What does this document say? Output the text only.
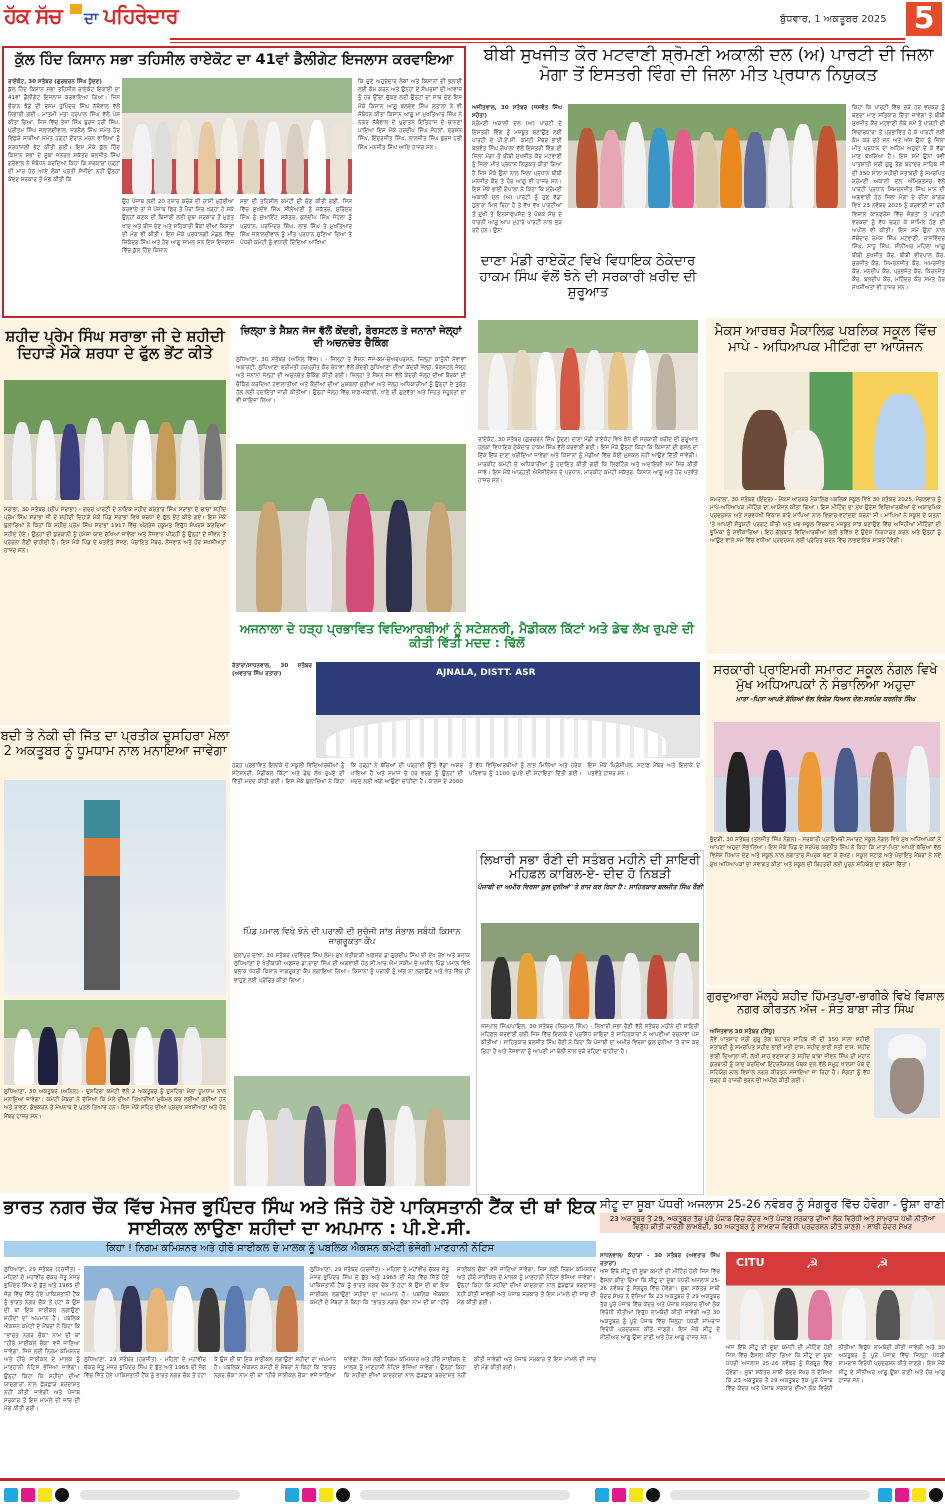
ਹੱਕ ਸੱਚ ਦਾ ਪਹਿਰੇਦਾਰ	ਬੁੱਧਵਾਰ, 1 ਅਕਤੂਬਰ 2025 5
ਕੁੱਲ ਹਿੰਦ ਕਿਸਾਨ ਸਭਾ ਤਹਿਸੀਲ ਰਾਏਕੋਟ ਦਾ 41ਵਾਂ ਡੈਲੀਗੇਟ ਇਜਲਾਸ ਕਰਵਾਇਆ
ਰਾਏਕੋਟ, 30 ਸਤੰਬਰ (ਗੁਰਚਰਨ ਸਿੰਘ ਧੂੰਦਣ)
ਕੁੱਲ ਹਿੰਦ ਕਿਸਾਨ ਸਭਾ ਤਹਿਸੀਲ ਰਾਏਕੋਟ ਇਕਾਈ ਦਾ 41ਵਾਂ ਡੈਲੀਗੇਟ ਇਜਲਾਸ ਕਰਵਾਇਆ ਗਿਆ। ਜਿਸ ਦੌਰਾਨ ਝੰਡੇ ਦੀ ਰਸਮ ਤੁਪਿੰਦਰ ਸਿੰਘ ਨੱਥੋਵਾਲ ਵੱਲੋਂ ਨਿਭਾਈ ਗਈ। ਮਾਤਮੀ ਮਤਾ ਹਰਪਾਲ ਸਿੰਘ ਵੱਲੋਂ ਪੇਸ਼ ਕੀਤਾ ਗਿਆ, ਜਿਸ ਵਿੱਚ ਤੇਜਾ ਸਿੰਘ ਬੁਰਜ ਹਰੀ ਸਿੰਘ, ਪ੍ਰੀਤਮ ਸਿੰਘ ਜਲਾਲਦੀਵਾਲ, ਜਰਨੈਲ ਸਿੰਘ ਸਮੇਤ ਹੋਰ ਵਿਛੜੇ ਸਾਥੀਆਂ ਸਮੇਤ ਹੜ੍ਹਾਂ ਦੌਰਾਨ ਮਰਨ ਵਾਲਿਆਂ ਨੂੰ ਸ਼ਰਧਾਂਜਲੀ ਭੇਟ ਕੀਤੀ ਗਈ। ਇਸ ਮੌਕੇ ਕੁੱਲ ਹਿੰਦ ਕਿਸਾਨ ਸਭਾ ਦੇ ਸੂਬਾ ਜਨਰਲ ਸਕੱਤਰ ਬਲਜੀਤ ਸਿੰਘ ਗਰੇਵਾਲ ਨੇ ਸੰਬੋਧਨ ਕਰਦਿਆਂ ਕਿਹਾ ਕਿ ਸਰਕਾਰਾਂ ਹੜ੍ਹਾਂ ਦੀ ਮਾਰ ਹੇਠ ਆਏ ਲੋਕਾਂ ਪ੍ਰਤੀ ਸੰਜੀਦਾ ਨਹੀਂ ਉਨ੍ਹਾਂ ਕੇਂਦਰ ਸਰਕਾਰ ਤੋਂ ਮੰਗ ਕੀਤੀ ਕਿ
ਉਹ ਪੰਜਾਬ ਲਈ 20 ਹਜ਼ਾਰ ਕਰੋੜ ਦੀ ਰਾਸ਼ੀ ਮੁਹੱਈਆ ਕਰਵਾਏ ਤਾਂ ਜੋ ਪੰਜਾਬ ਫਿਰ ਤੋਂ ਪੈਰਾਂ ਸਿਰ ਖੜ੍ਹਾ ਹੋ ਸਕੇ ਉਨ੍ਹਾਂ ਕਣਕ ਦੀ ਬਿਜਾਈ ਲਈ ਸੂਬਾ ਸਰਕਾਰ ਤੋਂ ਮੁਫ਼ਤ ਖਾਦ ਅਤੇ ਬੀਜ ਦੇਣ ਅਤੇ ਸਹਿਕਾਰੀ ਬੈਂਕਾਂ ਦੀਆਂ ਕਿਸ਼ਤਾਂ ਦੀ ਮੰਗ ਵੀ ਕੀਤੀ। ਇਸ ਮੌਕੇ ਪ੍ਰਧਾਨਗੀ ਮੰਡਲ ਵਿੱਚ ਸਿਕੰਦਰ ਸਿੰਘ ਅਤੇ ਹੋਰ ਆਗੂ ਸ਼ਾਮਲ ਸਨ ਇਸ ਇਜਲਾਸ ਵਿੱਚ ਕੁੱਲ ਹਿੰਦ ਕਿਸਾਨ
ਸਭਾ ਦੀ ਤਹਿਸੀਲ ਕਮੇਟੀ ਦੀ ਚੋਣ ਕੀਤੀ ਗਈ, ਜਿਸ ਵਿੱਚ ਸੁਖਦੇਵ ਸਿੰਘ ਸੀਲੋਆਣੀ ਨੂੰ ਸਕੱਤਰ, ਸੁਰਿੰਦਰ ਸਿੰਘ ਨੂੰ ਜੁਆਇੰਟ ਸਕੱਤਰ, ਕੁਲਦੀਪ ਸਿੰਘ ਜੋਹਲਾ ਨੂੰ ਪ੍ਰਧਾਨ, ਪਰਮਿੰਦਰ ਸਿੰਘ, ਲਾਭ ਸਿੰਘ ਤੇ ਮੁਖਤਿਆਰ ਸਿੰਘ ਜਲਾਲਦੀਵਾਲ ਨੂੰ ਮੀਤ ਪ੍ਰਧਾਨ ਚੁਣਿਆ ਗਿਆ ਤੇ ਪੰਧਰੀ ਕਮੇਟੀ ਨੂੰ ਵਧਾਈ ਦਿੰਦਿਆਂ ਆਖਿਆ
ਕਿ ਚੁਣੇ ਅਹੁਦੇਦਾਰ ਲੋਕਾਂ ਅਤੇ ਕਿਸਾਨਾਂ ਦੀ ਭਲਾਈ ਲਈ ਕੰਮ ਕਰਨ ਅਤੇ ਉਨ੍ਹਾਂ ਦੇ ਸੰਘਰਸ਼ਾਂ ਦੀ ਆਵਾਜ਼ ਨੂੰ ਹਰ ਉੱਚਾ ਚੁੱਕਣ ਲਈ ਉਨ੍ਹਾਂ ਦਾ ਸਾਥ ਦੇਣ ਇਸ ਮੌਕੇ ਕਿਸਾਨ ਆਗੂ ਬਲਦੇਵ ਸਿੰਘ ਲਤਾਲਾ ਨੇ ਵੀ ਸੰਬੋਧਨ ਕੀਤਾ ਕਿਸਾਨ ਆਗੂ ਮਾ.ਮੁਖਤਿਆਰ ਸਿੰਘ ਨੇ ਨਗਰ ਨੱਥੋਵਾਲ ਦੇ ਪੁਰਾਤਨ ਇਤਿਹਾਸ ਦੇ ਚਾਨਣਾ ਪਾਇਆ ਇਸ ਮੌਕੇ ਹਰਦੀਪ ਸਿੰਘ ਜੋਹਲਾਂ, ਦਰਸ਼ਨ ਸਿੰਘ, ਇੰਦਰਜੀਤ ਸਿੰਘ, ਲਾਲਜੀਤ ਸਿੰਘ ਬੁਰਜ ਹਰੀ ਸਿੰਘ ਮਨਜੀਤ ਸਿੰਘ ਆਦਿ ਹਾਜ਼ਰ ਸਨ।
ਬੀਬੀ ਸੁਖਜੀਤ ਕੌਰ ਮਟਵਾਣੀ ਸ਼੍ਰੋਮਣੀ ਅਕਾਲੀ ਦਲ (ਅ) ਪਾਰਟੀ ਦੀ ਜਿਲਾ ਮੋਗਾ ਤੋਂ ਇਸਤਰੀ ਵਿੰਗ ਦੀ ਜਿਲਾ ਮੀਤ ਪ੍ਰਧਾਨ ਨਿਯੁਕਤ
ਅਜੀਤਵਾਲ, 30 ਸਤੰਬਰ (ਜਸਵੰਤ ਸਿੰਘ ਸਹੋਤਾ)
ਸ਼੍ਰੋਮਣੀ ਅਕਾਲੀ ਦਲ (ਅ) ਪਾਰਟੀ ਦੇ ਇਸਤਰੀ ਵਿੰਗ ਨੂੰ ਮਜ਼ਬੂਤ ਬਣਾਉਣ ਲਈ ਪਾਰਟੀ ਦੇ ਪੀ.ਏ.ਸੀ. ਕਮੇਟੀ ਮੈਂਬਰ ਭਾਈ ਬਲਵੰਤ ਸਿੰਘ ਗੋਪਾਲਾ ਵੱਲੋਂ ਇਸਤਰੀ ਵਿੰਗ ਦੀ ਜਿਲਾ ਮੋਗਾ ਤੋਂ ਬੀਬੀ ਸੁਖਜੀਤ ਕੌਰ ਮਟਵਾਣੀ ਨੂੰ ਜਿਲਾ ਮੀਤ ਪ੍ਰਧਾਨ ਨਿਯੁਕਤ ਕੀਤਾ ਗਿਆ ਹੈ ਜਿਸ ਮੌਕੇ ਉਨਾ ਨਾਲ ਜਿਲਾ ਪ੍ਰਧਾਨ ਬੀਬੀ ਮਨਜੀਤ ਕੌਰ ਤੇ ਹੋਰ ਆਗੂ ਵੀ ਹਾਜ਼ਰ ਸਨ। ਇਸ ਮੌਕੇ ਭਾਈ ਗੋਪਾਲਾ ਨੇ ਕਿਹਾ ਕਿ ਸ਼੍ਰੋਮਣੀ ਅਕਾਲੀ ਦਲ (ਅ) ਪਾਰਟੀ ਨੂੰ ਹੁਣ ਵੱਡਾ ਹੁਲਾਰਾ ਮਿਲ ਰਿਹਾ ਹੈ ਤੇ ਵੱਖ ਵੱਖ ਪਾਰਟੀਆਂ ਤੋਂ ਦੁਖੀ ਤੇ ਇਨਸਾਫਪਸੰਦ ਤੇ ਪੰਥਕ ਸੋਚ ਦੇ ਧਾਰਨੀ ਆਗੂ ਆਪ ਮੁਹਾਰੇ ਪਾਰਟੀ ਨਾਲ ਜੁੜ ਰਹੇ ਹਨ। ਉਨਾ
ਕਿਹਾ ਕਿ ਪਾਰਟੀ ਵਿੱਚ ਜੁੜੇ ਹਰ ਵਰਕਰ ਨੂੰ ਬਣਦਾ ਮਾਣ ਸਤਿਕਾਰ ਦਿੱਤਾ ਜਾਵੇਗਾ ਤੇ ਬੀਬੀ ਸੁਖਜੀਤ ਕੌਰ ਮਟਵਾਣੀ ਲੰਬੇ ਸਮੇਂ ਤੋਂ ਪਾਰਟੀ ਦੀ ਵਿਚਾਰਧਾਰਾ ਤੋਂ ਪ੍ਰਭਾਵਿਤ ਹੋ ਕੇ ਪਾਰਟੀ ਲਈ ਕੰਮ ਕਰ ਰਹੇ ਸਨ ਅਤੇ ਅੱਜ ਉਨਾ ਨੂੰ ਜਿਲਾ ਮੀਤ ਪ੍ਰਧਾਨ ਦਾ ਅਹਿਮ ਅਹੁਦਾ ਦੇ ਕੇ ਵੱਡਾ ਮਾਣ ਬਖਸ਼ਿਆ ਹੈ। ਇਸ ਸਮੇਂ ਉਨਾ 9ਵੀਂ ਪਾਤਸ਼ਾਹੀ ਸ੍ਰੀ ਗੁਰੂ ਤੇਗ ਬਹਾਦਰ ਸਾਹਿਬ ਜੀ ਦੀ 350 ਸਾਲਾ ਸ਼ਹੀਦੀ ਸ਼ਤਾਬਦੀ ਨੂੰ ਸਮਰਪਿਤ ਸ਼੍ਰੋਮਣੀ ਅਕਾਲੀ ਦਲ ਅੰਮ੍ਰਿਤਸਰ ਵੱਲੋਂ ਪਾਰਟੀ ਪ੍ਰਧਾਨ ਸਿਮਰਨਜੀਤ ਸਿੰਘ ਮਾਨ ਦੀ ਅਗਵਾਈ ਹੇਠ ਜਿਲਾ ਮੋਗਾ ਦੇ ਦੀਨਾ ਕਾਂਗੜ ਵਿਖੇ 23 ਨਵੰਬਰ 2025 ਨੂੰ ਕਰਵਾਈ ਜਾ ਰਹੀ ਵਿਸ਼ਾਲ ਕਾਨਫਰੰਸ ਵਿੱਚ ਸੰਗਤਾਂ ਤੇ ਪਾਰਟੀ ਵਰਕਰਾਂ ਨੂੰ ਵੱਧ ਚੜ੍ਹ ਕੇ ਸ਼ਾਮਿਲ ਹੋਣ ਦੀ ਅਪੀਲ ਵੀ ਕੀਤੀ। ਇਸ ਸਮੇਂ ਉਨਾ ਨਾਲ ਜੱਥੇਦਾਰ ਰਮੇਸ਼ ਸਿੰਘ ਮਟਵਾਣੀ, ਰਾਜਵਿੰਦਰ ਸਿੰਘ, ਸਾਧੂ ਸਿੰਘ, ਸੀਨੀਅਰ ਮਹਿਲਾ ਆਗੂ ਬੀਬੀ ਸੁਖਜੀਤ ਕੌਰ, ਬੀਬੀ ਵੀਰਪਾਲ ਕੌਰ, ਸੁਰਜੀਤ ਕੌਰ, ਸਿਮਰਨਜੀਤ ਕੌਰ, ਅਮਰਜੀਤ ਕੌਰ, ਮਨਦੀਪ ਕੌਰ, ਪ੍ਰਭਜੋਤ ਕੌਰ, ਕਿਰਨਜੋਤ ਕੌਰ, ਬਲਦੀਪ ਕੌਰ, ਮਹਿੰਦਰ ਕੌਰ ਸਮੇਤ ਹੋਰ ਸਖਸ਼ੀਅਤਾਂ ਵੀ ਹਾਜ਼ਰ ਸਨ।
ਦਾਣਾ ਮੰਡੀ ਰਾਏਕੋਟ ਵਿਖੇ ਵਿਧਾਇਕ ਠੇਕੇਦਾਰ ਹਾਕਮ ਸਿੰਘ ਵੱਲੋਂ ਝੋਨੇ ਦੀ ਸਰਕਾਰੀ ਖ਼ਰੀਦ ਦੀ ਸ਼ੁਰੂਆਤ
ਰਾਏਕੋਟ, 30 ਸਤੰਬਰ (ਗੁਰਚਰਨ ਸਿੰਘ ਧੂੰਦਣ) ਦਾਣਾ ਮੰਡੀ ਰਾਏਕੋਟ ਵਿਖੇ ਝੋਨੇ ਦੀ ਸਰਕਾਰੀ ਖ਼ਰੀਦ ਦੀ ਸ਼ੁਰੂਆਤ ਹਲਕਾ ਵਿਧਾਇਕ ਠੇਕੇਦਾਰ ਹਾਕਮ ਸਿੰਘ ਵੱਲੋਂ ਕਰਵਾਈ ਗਈ। ਇਸ ਮੌਕੇ ਉਨ੍ਹਾਂ ਕਿਹਾ ਕਿ ਕਿਸਾਨਾਂ ਦੀ ਫਸਲ ਦਾ ਇੱਕ ਇੱਕ ਦਾਣਾ ਖਰੀਦਿਆ ਜਾਵੇਗਾ ਅਤੇ ਕਿਸਾਨਾਂ ਨੂੰ ਮੰਡੀਆਂ ਵਿੱਚ ਕੋਈ ਮੁਸ਼ਕਲ ਨਹੀਂ ਆਉਣ ਦਿੱਤੀ ਜਾਵੇਗੀ। ਮਾਰਕੀਟ ਕਮੇਟੀ ਦੇ ਅਧਿਕਾਰੀਆਂ ਨੂੰ ਹਦਾਇਤ ਕੀਤੀ ਗਈ ਕਿ ਲਿਫਟਿੰਗ ਅਤੇ ਅਦਾਇਗੀ ਸਮੇਂ ਸਿਰ ਕੀਤੀ ਜਾਵੇ। ਇਸ ਮੌਕੇ ਆੜ੍ਹਤੀ ਐਸੋਸੀਏਸ਼ਨ ਦੇ ਪ੍ਰਧਾਨ, ਮਾਰਕੀਟ ਕਮੇਟੀ ਸਕੱਤਰ, ਕਿਸਾਨ ਆਗੂ ਅਤੇ ਹੋਰ ਪਤਵੰਤੇ ਹਾਜ਼ਰ ਸਨ।
ਮੈਕਸ ਆਰਥਰ ਮੈਕਾਲਿਫ਼ ਪਬਲਿਕ ਸਕੂਲ ਵਿੱਚ ਮਾਪੇ - ਅਧਿਆਪਕ ਮੀਟਿੰਗ ਦਾ ਆਯੋਜਨ
ਸਮਰਾਲਾ, 30 ਸਤੰਬਰ (ਇੰਦ੍ਰ) - ਮੈਕਸ ਆਰਥਰ ਮੈਕਾਲਿਫ ਪਬਲਿਕ ਸਕੂਲ ਵਿਖੇ 30 ਸਤੰਬਰ 2025, ਮੰਗਲਵਾਰ ਨੂੰ ਮਾਪੇ-ਅਧਿਆਪਕ ਮੀਟਿੰਗ ਦਾ ਆਯੋਜਨ ਕੀਤਾ ਗਿਆ। ਇਸ ਮੀਟਿੰਗ ਦਾ ਮੁੱਖ ਉਦੇਸ਼ ਵਿਦਿਆਰਥੀਆਂ ਦੇ ਅਕਾਦਮਿਕ ਪ੍ਰਦਰਸ਼ਨ ਅਤੇ ਸਰਵਪੱਖੀ ਵਿਕਾਸ ਬਾਰੇ ਮਾਪਿਆਂ ਨਾਲ ਵਿਚਾਰ-ਵਟਾਂਦਰਾ ਕਰਨਾ ਸੀ। ਮਾਪਿਆਂ ਨੇ ਸਕੂਲ ਦੇ ਯਤਨਾਂ 'ਤੇ ਆਪਣੀ ਸੰਤੁਸ਼ਟੀ ਪ੍ਰਗਟ ਕੀਤੀ ਅਤੇ ਘਰ-ਸਕੂਲ ਵਿਚਕਾਰ ਮਜ਼ਬੂਤ ਸਾਂਝ ਬਣਾਉਣ ਵਿੱਚ ਅਜਿਹੀਆਂ ਮੀਟਿੰਗਾਂ ਦੀ ਭੂਮਿਕਾ ਨੂੰ ਸਵੀਕਾਰਿਆ। ਇਹ ਗੱਲਬਾਤ ਵਿਦਿਆਰਥੀਆਂ ਲਈ ਭਵਿੱਖ ਦੇ ਉਦੇਸ਼ ਨਿਰਧਾਰਤ ਕਰਨ ਅਤੇ ਉਨ੍ਹਾਂ ਨੂੰ ਆਉਣ ਵਾਲੇ ਸਮੇਂ ਵਿੱਚ ਵਧੀਆ ਪ੍ਰਦਰਸ਼ਨ ਲਈ ਪ੍ਰੇਰਿਤ ਕਰਨ ਵਿੱਚ ਲਾਭਦਾਇਕ ਸਾਬਤ ਹੋਵੇਗੀ।
ਸ਼ਹੀਦ ਪ੍ਰੇਮ ਸਿੰਘ ਸਰਾਭਾ ਜੀ ਦੇ ਸ਼ਹੀਦੀ ਦਿਹਾੜੇ ਮੌਕੇ ਸ਼ਰਧਾ ਦੇ ਫੁੱਲ ਭੇਂਟ ਕੀਤੇ
ਸਰਾਭਾ, 30 ਸਤੰਬਰ (ਦੀਪ ਸਰਾਭਾ) - ਗਦਰ ਪਾਰਟੀ ਦੇ ਨਾਇਕ ਸ਼ਹੀਦ ਕਰਤਾਰ ਸਿੰਘ ਸਰਾਭਾ ਦੇ ਚਾਚਾ ਸ਼ਹੀਦ ਪ੍ਰੇਮ ਸਿੰਘ ਸਰਾਭਾ ਜੀ ਦੇ ਸ਼ਹੀਦੀ ਦਿਹਾੜੇ ਮੌਕੇ ਪਿੰਡ ਸਰਾਭਾ ਵਿਖੇ ਸ਼ਰਧਾ ਦੇ ਫੁੱਲ ਭੇਂਟ ਕੀਤੇ ਗਏ। ਇਸ ਮੌਕੇ ਬੁਲਾਰਿਆਂ ਨੇ ਕਿਹਾ ਕਿ ਸ਼ਹੀਦ ਪ੍ਰੇਮ ਸਿੰਘ ਸਰਾਭਾ 1917 ਵਿੱਚ ਅੰਗਰੇਜ਼ ਹਕੂਮਤ ਵਿਰੁੱਧ ਸੰਘਰਸ਼ ਕਰਦਿਆਂ ਸ਼ਹੀਦ ਹੋਏ। ਉਨ੍ਹਾਂ ਦੀ ਕੁਰਬਾਨੀ ਨੂੰ ਹਮੇਸ਼ਾ ਯਾਦ ਰੱਖਿਆ ਜਾਵੇਗਾ ਅਤੇ ਨੌਜਵਾਨ ਪੀੜ੍ਹੀ ਨੂੰ ਉਨ੍ਹਾਂ ਦੇ ਜੀਵਨ ਤੋਂ ਪ੍ਰੇਰਨਾ ਲੈਣੀ ਚਾਹੀਦੀ ਹੈ। ਇਸ ਮੌਕੇ ਪਿੰਡ ਦੇ ਪਤਵੰਤੇ ਸੱਜਣ, ਪੰਚਾਇਤ ਮੈਂਬਰ, ਨੌਜਵਾਨ ਅਤੇ ਹੋਰ ਸ਼ਖਸੀਅਤਾਂ ਹਾਜ਼ਰ ਸਨ।
ਜ਼ਿਲ੍ਹਾ ਤੇ ਸੈਸ਼ਨ ਜੱਜ ਵੱਲੋਂ ਕੇਂਦਰੀ, ਬੋਰਸਟਲ ਤੇ ਜਨਾਨਾਂ ਜੇਲ੍ਹਾਂ ਦੀ ਅਚਨਚੇਤ ਚੈਕਿੰਗ
ਲੁਧਿਆਣਾ, 30 ਸਤੰਬਰ (ਅਨਿਲ ਵਿੱਜ)। - ਜ਼ਿਲ੍ਹਾ ਤੇ ਸੈਸ਼ਨ ਜੱਜ-ਕਮ-ਚੇਅਰਪਰਸਨ, ਜ਼ਿਲ੍ਹਾ ਕਾਨੂੰਨੀ ਸੇਵਾਵਾਂ ਅਥਾਰਟੀ, ਲੁਧਿਆਣਾ ਸ਼੍ਰੀਮਤੀ ਹਰਪ੍ਰੀਤ ਕੌਰ ਰੰਧਾਵਾ ਵੱਲੋਂ ਕੇਂਦਰੀ ਲੁਧਿਆਣਾ ਦੀਆਂ ਕੇਂਦਰੀ ਜੇਲ੍ਹ, ਬੋਰਸਟਲ ਜੇਲ੍ਹ ਅਤੇ ਜਨਾਨਾ ਜੇਲ੍ਹਾਂ ਦੀ ਅਚਨਚੇਤ ਚੈਕਿੰਗ ਕੀਤੀ ਗਈ। ਜ਼ਿਲ੍ਹਾ ਤੇ ਸੈਸ਼ਨ ਜੱਜ ਵੱਲੋਂ ਕੇਂਦਰੀ ਜੇਲ੍ਹ ਦੀਆਂ ਬੈਰਕਾਂ ਦੀ ਚੈਕਿੰਗ ਕਰਦਿਆਂ ਹਵਾਲਾਤੀਆਂ ਅਤੇ ਕੈਦੀਆਂ ਦੀਆਂ ਮੁਸ਼ਕਲਾਂ ਸੁਣੀਆਂ ਅਤੇ ਜੇਲ੍ਹ ਅਧਿਕਾਰੀਆਂ ਨੂੰ ਉਨ੍ਹਾਂ ਦੇ ਤੁਰੰਤ ਹੱਲ ਲਈ ਹਦਾਇਤਾਂ ਜਾਰੀ ਕੀਤੀਆਂ। ਉਨ੍ਹਾਂ ਜੇਲ੍ਹ ਵਿੱਚ ਸਾਫ਼-ਸਫ਼ਾਈ, ਖਾਣੇ ਦੀ ਗੁਣਵੱਤਾ ਅਤੇ ਸਿਹਤ ਸਹੂਲਤਾਂ ਦਾ ਵੀ ਜਾਇਜ਼ਾ ਲਿਆ।
ਅਜਨਾਲਾ ਦੇ ਹੜ੍ਹ ਪ੍ਰਭਾਵਿਤ ਵਿਦਿਆਰਥੀਆਂ ਨੂੰ ਸਟੇਸ਼ਨਰੀ, ਮੈਡੀਕਲ ਕਿੱਟਾਂ ਅਤੇ ਡੇਢ ਲੱਖ ਰੁਪਏ ਦੀ ਕੀਤੀ ਵਿੱਤੀ ਮਦਦ : ਢਿੱਲੋਂ
ਰੱਤਾਰਾ/ਸਾਧਨਵਾਲ, 30 ਸਤੰਬਰ (ਅਵਤਾਰ ਸਿੰਘ ਰਤਾਰਾ)	AJNALA, DISTT. ASR
ਹੜ੍ਹ ਪ੍ਰਭਾਵਿਤ ਇਲਾਕੇ ਦੇ ਸਕੂਲੀ ਵਿਦਿਆਰਥੀਆਂ ਨੂੰ ਸਟੇਸ਼ਨਰੀ, ਮੈਡੀਕਲ ਕਿੱਟਾਂ ਅਤੇ ਡੇਢ ਲੱਖ ਰੁਪਏ ਦੀ ਵਿੱਤੀ ਮਦਦ ਕੀਤੀ ਗਈ। ਇਸ ਮੌਕੇ ਬੁਲਾਰਿਆਂ ਨੇ ਕਿਹਾ ਕਿ ਹੜ੍ਹਾਂ ਨੇ ਬੱਚਿਆਂ ਦੀ ਪੜ੍ਹਾਈ ਉੱਤੇ ਵੱਡਾ ਅਸਰ ਪਾਇਆ ਹੈ ਅਤੇ ਸਮਾਜ ਦੇ ਹਰ ਵਰਗ ਨੂੰ ਉਨ੍ਹਾਂ ਦੀ ਮਦਦ ਲਈ ਅੱਗੇ ਆਉਣਾ ਚਾਹੀਦਾ ਹੈ। ਕਾਲਜ ਦੇ 2000 ਤੋਂ ਵੱਧ ਵਿਦਿਆਰਥੀਆਂ ਨੂੰ ਲਾਭ ਮਿਲਿਆ ਅਤੇ ਹਰੇਕ ਪਰਿਵਾਰ ਨੂੰ 1100 ਰੁਪਏ ਦੀ ਸਹਾਇਤਾ ਦਿੱਤੀ ਗਈ। ਇਸ ਮੌਕੇ ਪ੍ਰਿੰਸੀਪਲ, ਸਟਾਫ਼ ਮੈਂਬਰ ਅਤੇ ਇਲਾਕੇ ਦੇ ਪਤਵੰਤੇ ਹਾਜ਼ਰ ਸਨ।
ਸਰਕਾਰੀ ਪ੍ਰਾਇਮਰੀ ਸਮਾਰਟ ਸਕੂਲ ਨੰਗਲ ਵਿਖੇ ਮੁੱਖ ਅਧਿਆਪਕਾਂ ਨੇ ਸੰਭਾਲਿਆ ਅਹੁਦਾ
ਮਾਤਾ -ਪਿਤਾ ਆਪਣੇ ਬੱਚਿਆਂ ਵੱਲ ਵਿਸ਼ੇਸ਼ ਧਿਆਨ ਦੇਣ:ਸਰਪੰਚ ਕਰਨੀਤ ਸਿੰਘ
ਭੁੰਦੜੀ, 30 ਸਤੰਬਰ (ਤਲਜੀਤ ਸਿੰਘ ਨੰਗਲ) - ਸਰਕਾਰੀ ਪ੍ਰਾਇਮਰੀ ਸਮਾਰਟ ਸਕੂਲ ਨੰਗਲ ਵਿਖੇ ਮੁੱਖ ਅਧਿਆਪਕਾਂ ਨੇ ਆਪਣਾ ਅਹੁਦਾ ਸੰਭਾਲਿਆ। ਇਸ ਮੌਕੇ ਪਿੰਡ ਦੇ ਸਰਪੰਚ ਕਰਨੀਤ ਸਿੰਘ ਨੇ ਕਿਹਾ ਕਿ ਮਾਤਾ-ਪਿਤਾ ਆਪਣੇ ਬੱਚਿਆਂ ਵੱਲ ਵਿਸ਼ੇਸ਼ ਧਿਆਨ ਦੇਣ ਅਤੇ ਸਕੂਲ ਨਾਲ ਲਗਾਤਾਰ ਸੰਪਰਕ ਬਣਾ ਕੇ ਰੱਖਣ। ਸਕੂਲ ਸਟਾਫ਼ ਅਤੇ ਪੰਚਾਇਤ ਮੈਂਬਰਾਂ ਨੇ ਨਵੇਂ ਮੁੱਖ ਅਧਿਆਪਕਾਂ ਦਾ ਸਵਾਗਤ ਕੀਤਾ ਅਤੇ ਸਕੂਲ ਦੀ ਬਿਹਤਰੀ ਲਈ ਪੂਰਨ ਸਹਿਯੋਗ ਦਾ ਭਰੋਸਾ ਦਿੱਤਾ।
ਬਦੀ ਤੇ ਨੇਕੀ ਦੀ ਜਿੱਤ ਦਾ ਪ੍ਰਤੀਕ ਦੁਸਹਿਰਾ ਮੇਲਾ 2 ਅਕਤੂਬਰ ਨੂੰ ਧੂਮਧਾਮ ਨਾਲ ਮਨਾਇਆ ਜਾਵੇਗਾ
ਲੁਧਿਆਣਾ, 30 ਅਕਤੂਬਰ (ਅਨਿਲ) - ਦੁਸਹਿਰਾ ਕਮੇਟੀ ਵੱਲੋਂ 2 ਅਕਤੂਬਰ ਨੂੰ ਦੁਸਹਿਰਾ ਮੇਲਾ ਧੂਮਧਾਮ ਨਾਲ ਮਨਾਇਆ ਜਾਵੇਗਾ। ਕਮੇਟੀ ਮੈਂਬਰਾਂ ਨੇ ਦੱਸਿਆ ਕਿ ਮੇਲੇ ਦੀਆਂ ਤਿਆਰੀਆਂ ਮੁਕੰਮਲ ਕਰ ਲਈਆਂ ਗਈਆਂ ਹਨ ਅਤੇ ਰਾਵਣ, ਕੁੰਭਕਰਨ ਤੇ ਮੇਘਨਾਥ ਦੇ ਪੁਤਲੇ ਤਿਆਰ ਹਨ। ਇਸ ਮੌਕੇ ਸ਼ਹਿਰ ਦੀਆਂ ਪ੍ਰਮੁੱਖ ਸ਼ਖਸੀਅਤਾਂ ਅਤੇ ਹੋਰ ਮੈਂਬਰ ਹਾਜ਼ਰ ਸਨ।
ਪਿੰਡ ਪਮਾਲ ਵਿਖੇ ਝੋਨੇ ਦੀ ਪਰਾਲੀ ਦੀ ਸੁਚੱਜੀ ਸਾਂਭ ਸੰਭਾਲ ਸਬੰਧੀ ਕਿਸਾਨ ਜਾਗਰੂਕਤਾ ਕੈਂਪ
ਮੁੱਲਾਂਪੁਰ ਦਾਖਾ, 30 ਸਤੰਬਰ (ਦਵਿੰਦਰ ਸਿੰਘ ਲੰਮੇ) ਮੁੱਖ ਖੇਤੀਬਾੜੀ ਅਫ਼ਸਰ ਡਾ.ਗੁਰਦੀਪ ਸਿੰਘ ਦੀ ਦੇਖ ਰੇਖ ਅਤੇ ਬਲਾਕ ਲੁਧਿਆਣਾ ਦੇ ਖੇਤੀਬਾੜੀ ਅਫ਼ਸਰ ਡਾ.ਦਾਰਾ ਸਿੰਘ ਦੀ ਅਗਵਾਈ ਹੇਠ ਸੀ.ਆਰ.ਐਮ ਸਕੀਮ ਦੇ ਅਧੀਨ ਪਿੰਡ ਪਮਾਲ ਵਿਖੇ ਬਲਾਕ ਪੱਧਰੀ ਕਿਸਾਨ ਜਾਗਰੂਕਤਾ ਕੈਂਪ ਲਗਾਇਆ ਗਿਆ। ਕਿਸਾਨਾਂ ਨੂੰ ਪਰਾਲੀ ਨੂੰ ਅੱਗ ਨਾ ਲਗਾਉਣ ਅਤੇ ਖੇਤ ਵਿੱਚ ਹੀ ਵਾਹੁਣ ਲਈ ਪ੍ਰੇਰਿਤ ਕੀਤਾ ਗਿਆ।
ਲਿਖਾਰੀ ਸਭਾ ਰੌਣੀ ਦੀ ਸਤੰਬਰ ਮਹੀਨੇ ਦੀ ਸ਼ਾਇਰੀ ਮਹਿਫ਼ਲ ਕਾਬਿਲ-ਏ- ਦੀਦ ਹੋ ਨਿਬੜੀ
ਪੰਜਾਬੀ ਦਾ ਅਮੀਰ ਵਿਰਸਾ ਕੁਲ ਦੁਨੀਆਂ 'ਤੇ ਰਾਜ ਕਰ ਰਿਹਾ ਹੈ : ਸਾਹਿਤਕਾਰ ਬਲਜੀਤ ਸਿੰਘ ਰੌਣੀ
ਜਸਪਾਲ ਸਿੰਘ/ਪਾਇਲ, 30 ਸਤੰਬਰ (ਨਿਰਮਲ ਸਿੰਘ) - ਲਿਖਾਰੀ ਸਭਾ ਰੌਣੀ ਵੱਲੋਂ ਸਤੰਬਰ ਮਹੀਨੇ ਦੀ ਸ਼ਾਇਰੀ ਮਹਿਫ਼ਲ ਕਰਵਾਈ ਗਈ ਜਿਸ ਵਿੱਚ ਇਲਾਕੇ ਦੇ ਪ੍ਰਸਿੱਧ ਸ਼ਾਇਰਾਂ ਤੇ ਸਾਹਿਤਕਾਰਾਂ ਨੇ ਆਪਣੀਆਂ ਰਚਨਾਵਾਂ ਪੇਸ਼ ਕੀਤੀਆਂ। ਸਾਹਿਤਕਾਰ ਬਲਜੀਤ ਸਿੰਘ ਰੌਣੀ ਨੇ ਕਿਹਾ ਕਿ ਪੰਜਾਬੀ ਦਾ ਅਮੀਰ ਵਿਰਸਾ ਕੁਲ ਦੁਨੀਆਂ 'ਤੇ ਰਾਜ ਕਰ ਰਿਹਾ ਹੈ ਅਤੇ ਨੌਜਵਾਨਾਂ ਨੂੰ ਆਪਣੀ ਮਾਂ ਬੋਲੀ ਨਾਲ ਜੁੜੇ ਰਹਿਣਾ ਚਾਹੀਦਾ ਹੈ।
ਗੁਰਦੁਆਰਾ ਮੱਲ੍ਹੇ ਸ਼ਹੀਦ ਹਿੰਮਤਪੁਰਾ-ਭਾਗੀਕੇ ਵਿਖੇ ਵਿਸ਼ਾਲ ਨਗਰ ਕੀਰਤਨ ਅੱਜ - ਸੰਤ ਬਾਬਾ ਜੀਤ ਸਿੰਘ
ਅਜਿਤਵਾਲ 30 ਸਤੰਬਰ (ਸਿੱਧੂ)
ਨੌਵੇਂ ਪਾਤਸ਼ਾਹ ਸ੍ਰੀ ਗੁਰੂ ਤੇਗ ਬਹਾਦਰ ਸਾਹਿਬ ਜੀ ਦੀ 350 ਸਾਲਾ ਸ਼ਹੀਦੀ ਸ਼ਤਾਬਦੀ ਨੂੰ ਸਮਰਪਿਤ ਸ਼ਹੀਦ ਭਾਈ ਮਤੀ ਦਾਸ, ਸ਼ਹੀਦ ਭਾਈ ਸਤੀ ਦਾਸ, ਸ਼ਹੀਦ ਭਾਈ ਦਿਆਲਾ ਜੀ, ਲੱਖੀ ਸ਼ਾਹ ਵਣਜਾਰਾ ਤੇ ਸ਼ਹੀਦ ਬਾਬਾ ਜੀਵਨ ਸਿੰਘ ਦੀ ਮਹਾਨ ਕੁਰਬਾਨੀ ਨੂੰ ਯਾਦ ਕਰਦਿਆਂ ਇੰਟਰਨੈਸ਼ਨਲ ਪੰਥਕ ਦਲ ਵੱਲੋਂ ਸਮੂਹ ਖਾਲਸਾ ਪੰਥ ਦੇ ਸਹਿਯੋਗ ਨਾਲ ਵਿਸ਼ਾਲ ਨਗਰ ਕੀਰਤਨ ਸਜਾਇਆ ਜਾ ਰਿਹਾ ਹੈ। ਸੰਗਤਾਂ ਨੂੰ ਵੱਧ ਚੜ੍ਹ ਕੇ ਹਾਜ਼ਰੀ ਭਰਨ ਦੀ ਅਪੀਲ ਕੀਤੀ ਗਈ।
ਭਾਰਤ ਨਗਰ ਚੌਕ ਵਿੱਚ ਮੇਜਰ ਭੁਪਿੰਦਰ ਸਿੰਘ ਅਤੇ ਜਿੱਤੇ ਹੋਏ ਪਾਕਿਸਤਾਨੀ ਟੈਂਕ ਦੀ ਥਾਂ ਇਕ ਸਾਈਕਲ ਲਾਉਣਾ ਸ਼ਹੀਦਾਂ ਦਾ ਅਪਮਾਨ : ਪੀ.ਏ.ਸੀ.
ਕਿਹਾ ! ਨਿਗਮ ਕਮਿਸ਼ਨਰ ਅਤੇ ਹੀਰੋ ਸਾਈਕਲ ਦੇ ਮਾਲਕ ਨੂੰ ਪਬਲਿਕ ਐਕਸ਼ਨ ਕਮੇਟੀ ਭੇਜੇਗੀ ਮਾਣਹਾਨੀ ਨੋਟਿਸ
ਲੁਧਿਆਣਾ, 29 ਸਤੰਬਰ (ਹਰਜੀਤ) - ਮਹਿਲਾਂ ਦੇ ਮਹਾਂਵੀਰ ਚੱਕਰ ਜੇਤੂ ਮੇਜਰ ਭੁਪਿੰਦਰ ਸਿੰਘ ਦੇ ਬੁੱਤ ਅਤੇ 1965 ਦੀ ਜੰਗ ਵਿੱਚ ਜਿੱਤੇ ਹੋਏ ਪਾਕਿਸਤਾਨੀ ਟੈਂਕ ਨੂੰ ਭਾਰਤ ਨਗਰ ਚੌਕ ਤੋਂ ਹਟਾ ਕੇ ਉਸ ਦੀ ਥਾਂ ਇਕ ਸਾਈਕਲ ਲਗਾਉਣਾ ਸ਼ਹੀਦਾਂ ਦਾ ਅਪਮਾਨ ਹੈ। ਪਬਲਿਕ ਐਕਸ਼ਨ ਕਮੇਟੀ ਦੇ ਮੈਂਬਰਾਂ ਨੇ ਕਿਹਾ ਕਿ "ਭਾਰਤ ਨਗਰ ਚੌਕ" ਨਾਮ ਦੀ ਥਾਂ "ਹੀਰੋ ਸਾਈਕਲ ਚੌਕ" ਵਜੋਂ ਜਾਣਿਆ ਜਾਵੇਗਾ, ਜਿਸ ਲਈ ਨਿਗਮ ਕਮਿਸ਼ਨਰ ਅਤੇ ਹੀਰੋ ਸਾਈਕਲ ਦੇ ਮਾਲਕ ਨੂੰ ਮਾਣਹਾਨੀ ਨੋਟਿਸ ਭੇਜਿਆ ਜਾਵੇਗਾ। ਉਨ੍ਹਾਂ ਕਿਹਾ ਕਿ ਸ਼ਹੀਦਾਂ ਦੀਆਂ ਯਾਦਗਾਰਾਂ ਨਾਲ ਛੇੜਛਾੜ ਬਰਦਾਸ਼ਤ ਨਹੀਂ ਕੀਤੀ ਜਾਵੇਗੀ ਅਤੇ ਪੰਜਾਬ ਸਰਕਾਰ ਤੋਂ ਇਸ ਮਾਮਲੇ ਦੀ ਜਾਂਚ ਦੀ ਮੰਗ ਕੀਤੀ ਗਈ।
ਲੁਧਿਆਣਾ, 29 ਸਤੰਬਰ (ਹਰਜੀਤ) - ਮਹਿਲਾਂ ਦੇ ਮਹਾਂਵੀਰ ਚੱਕਰ ਜੇਤੂ ਮੇਜਰ ਭੁਪਿੰਦਰ ਸਿੰਘ ਦੇ ਬੁੱਤ ਅਤੇ 1965 ਦੀ ਜੰਗ ਵਿੱਚ ਜਿੱਤੇ ਹੋਏ ਪਾਕਿਸਤਾਨੀ ਟੈਂਕ ਨੂੰ ਭਾਰਤ ਨਗਰ ਚੌਕ ਤੋਂ ਹਟਾ ਕੇ ਉਸ ਦੀ ਥਾਂ ਇਕ ਸਾਈਕਲ ਲਗਾਉਣਾ ਸ਼ਹੀਦਾਂ ਦਾ ਅਪਮਾਨ ਹੈ। ਪਬਲਿਕ ਐਕਸ਼ਨ ਕਮੇਟੀ ਦੇ ਮੈਂਬਰਾਂ ਨੇ ਕਿਹਾ ਕਿ "ਭਾਰਤ ਨਗਰ ਚੌਕ" ਨਾਮ ਦੀ ਥਾਂ "ਹੀਰੋ ਸਾਈਕਲ ਚੌਕ" ਵਜੋਂ ਜਾਣਿਆ ਜਾਵੇਗਾ, ਜਿਸ ਲਈ ਨਿਗਮ ਕਮਿਸ਼ਨਰ ਅਤੇ ਹੀਰੋ ਸਾਈਕਲ ਦੇ ਮਾਲਕ ਨੂੰ ਮਾਣਹਾਨੀ ਨੋਟਿਸ ਭੇਜਿਆ ਜਾਵੇਗਾ। ਉਨ੍ਹਾਂ ਕਿਹਾ ਕਿ ਸ਼ਹੀਦਾਂ ਦੀਆਂ ਯਾਦਗਾਰਾਂ ਨਾਲ ਛੇੜਛਾੜ ਬਰਦਾਸ਼ਤ ਨਹੀਂ ਕੀਤੀ ਜਾਵੇਗੀ ਅਤੇ ਪੰਜਾਬ ਸਰਕਾਰ ਤੋਂ ਇਸ ਮਾਮਲੇ ਦੀ ਜਾਂਚ ਦੀ ਮੰਗ ਕੀਤੀ ਗਈ।
ਲੁਧਿਆਣਾ, 29 ਸਤੰਬਰ (ਹਰਜੀਤ) - ਮਹਿਲਾਂ ਦੇ ਮਹਾਂਵੀਰ ਚੱਕਰ ਜੇਤੂ ਮੇਜਰ ਭੁਪਿੰਦਰ ਸਿੰਘ ਦੇ ਬੁੱਤ ਅਤੇ 1965 ਦੀ ਜੰਗ ਵਿੱਚ ਜਿੱਤੇ ਹੋਏ ਪਾਕਿਸਤਾਨੀ ਟੈਂਕ ਨੂੰ ਭਾਰਤ ਨਗਰ ਚੌਕ ਤੋਂ ਹਟਾ ਕੇ ਉਸ ਦੀ ਥਾਂ ਇਕ ਸਾਈਕਲ ਲਗਾਉਣਾ ਸ਼ਹੀਦਾਂ ਦਾ ਅਪਮਾਨ ਹੈ। ਪਬਲਿਕ ਐਕਸ਼ਨ ਕਮੇਟੀ ਦੇ ਮੈਂਬਰਾਂ ਨੇ ਕਿਹਾ ਕਿ "ਭਾਰਤ ਨਗਰ ਚੌਕ" ਨਾਮ ਦੀ ਥਾਂ "ਹੀਰੋ ਸਾਈਕਲ ਚੌਕ" ਵਜੋਂ ਜਾਣਿਆ ਜਾਵੇਗਾ, ਜਿਸ ਲਈ ਨਿਗਮ ਕਮਿਸ਼ਨਰ ਅਤੇ ਹੀਰੋ ਸਾਈਕਲ ਦੇ ਮਾਲਕ ਨੂੰ ਮਾਣਹਾਨੀ ਨੋਟਿਸ ਭੇਜਿਆ ਜਾਵੇਗਾ। ਉਨ੍ਹਾਂ ਕਿਹਾ ਕਿ ਸ਼ਹੀਦਾਂ ਦੀਆਂ ਯਾਦਗਾਰਾਂ ਨਾਲ ਛੇੜਛਾੜ ਬਰਦਾਸ਼ਤ ਨਹੀਂ ਕੀਤੀ ਜਾਵੇਗੀ ਅਤੇ ਪੰਜਾਬ ਸਰਕਾਰ ਤੋਂ ਇਸ ਮਾਮਲੇ ਦੀ ਜਾਂਚ ਦੀ ਮੰਗ ਕੀਤੀ ਗਈ।
ਸੀਟੂ ਦਾ ਸੂਬਾ ਪੱਧਰੀ ਅਜਲਾਸ 25-26 ਨਵੰਬਰ ਨੂੰ ਸੰਗਰੂਰ ਵਿੱਚ ਹੋਵੇਗਾ - ਊਸ਼ਾ ਰਾਣੀ
23 ਅਕਤੂਬਰ ਤੋਂ 29, ਅਕਤੂਬਰ ਤੱਕ ਪੂਰੇ ਪੰਜਾਬ ਵਿੱਚ ਕੇਂਦਰ ਅਤੇ ਪੰਜਾਬ ਸਰਕਾਰ ਦੀਆਂ ਲੋਕ ਵਿਰੋਧੀ ਅਤੇ ਸਾਮਰਾਜ ਪੱਖੀ ਨੀਤੀਆਂ ਵਿਰੁੱਧ ਕੀਤੀ ਜਾਵੇਗੀ ਲਾਮਬੰਦੀ, 30 ਅਕਤੂਬਰ ਨੂੰ ਸਾਮਰਾਜ ਵਿਰੋਧੀ ਪ੍ਰਦਰਸ਼ਨ ਕੀਤੇ ਜਾਣਗੇ - ਸਾਥੀ ਚੰਦਰ ਸ਼ੇਖਰ
ਸਾਧਨਵਾਲ/ ਕੋਹਾੜਾ - 30 ਸਤੰਬਰ (ਅਵਤਾਰ ਸਿੰਘ ਰਤਾਰਾ)
ਅੱਜ ਇੱਥੇ ਸੀਟੂ ਦੀ ਸੂਬਾ ਕਮੇਟੀ ਦੀ ਮੀਟਿੰਗ ਹੋਈ ਜਿਸ ਵਿੱਚ ਫੈਸਲਾ ਕੀਤਾ ਗਿਆ ਕਿ ਸੀਟੂ ਦਾ ਸੂਬਾ ਪੱਧਰੀ ਅਜਲਾਸ 25-26 ਨਵੰਬਰ ਨੂੰ ਸੰਗਰੂਰ ਵਿੱਚ ਹੋਵੇਗਾ। ਸੂਬਾ ਸਕੱਤਰ ਸਾਥੀ ਚੰਦਰ ਸ਼ੇਖਰ ਨੇ ਦੱਸਿਆ ਕਿ 23 ਅਕਤੂਬਰ ਤੋਂ 29 ਅਕਤੂਬਰ ਤੱਕ ਪੂਰੇ ਪੰਜਾਬ ਵਿੱਚ ਕੇਂਦਰ ਅਤੇ ਪੰਜਾਬ ਸਰਕਾਰ ਦੀਆਂ ਲੋਕ ਵਿਰੋਧੀ ਨੀਤੀਆਂ ਵਿਰੁੱਧ ਲਾਮਬੰਦੀ ਕੀਤੀ ਜਾਵੇਗੀ ਅਤੇ 30 ਅਕਤੂਬਰ ਨੂੰ ਪੂਰੇ ਪੰਜਾਬ ਵਿੱਚ ਜ਼ਿਲ੍ਹਾ ਪੱਧਰੀ ਸਾਮਰਾਜ ਵਿਰੋਧੀ ਪ੍ਰਦਰਸ਼ਨ ਕੀਤੇ ਜਾਣਗੇ। ਇਸ ਮੌਕੇ ਸੀਟੂ ਦੇ ਸੀਨੀਅਰ ਆਗੂ ਊਸ਼ਾ ਰਾਣੀ ਅਤੇ ਹੋਰ ਆਗੂ ਹਾਜ਼ਰ ਸਨ।
CITU	☭	☭
ਅੱਜ ਇੱਥੇ ਸੀਟੂ ਦੀ ਸੂਬਾ ਕਮੇਟੀ ਦੀ ਮੀਟਿੰਗ ਹੋਈ ਜਿਸ ਵਿੱਚ ਫੈਸਲਾ ਕੀਤਾ ਗਿਆ ਕਿ ਸੀਟੂ ਦਾ ਸੂਬਾ ਪੱਧਰੀ ਅਜਲਾਸ 25-26 ਨਵੰਬਰ ਨੂੰ ਸੰਗਰੂਰ ਵਿੱਚ ਹੋਵੇਗਾ। ਸੂਬਾ ਸਕੱਤਰ ਸਾਥੀ ਚੰਦਰ ਸ਼ੇਖਰ ਨੇ ਦੱਸਿਆ ਕਿ 23 ਅਕਤੂਬਰ ਤੋਂ 29 ਅਕਤੂਬਰ ਤੱਕ ਪੂਰੇ ਪੰਜਾਬ ਵਿੱਚ ਕੇਂਦਰ ਅਤੇ ਪੰਜਾਬ ਸਰਕਾਰ ਦੀਆਂ ਲੋਕ ਵਿਰੋਧੀ ਨੀਤੀਆਂ ਵਿਰੁੱਧ ਲਾਮਬੰਦੀ ਕੀਤੀ ਜਾਵੇਗੀ ਅਤੇ 30 ਅਕਤੂਬਰ ਨੂੰ ਪੂਰੇ ਪੰਜਾਬ ਵਿੱਚ ਜ਼ਿਲ੍ਹਾ ਪੱਧਰੀ ਸਾਮਰਾਜ ਵਿਰੋਧੀ ਪ੍ਰਦਰਸ਼ਨ ਕੀਤੇ ਜਾਣਗੇ। ਇਸ ਮੌਕੇ ਸੀਟੂ ਦੇ ਸੀਨੀਅਰ ਆਗੂ ਊਸ਼ਾ ਰਾਣੀ ਅਤੇ ਹੋਰ ਆਗੂ ਹਾਜ਼ਰ ਸਨ।
